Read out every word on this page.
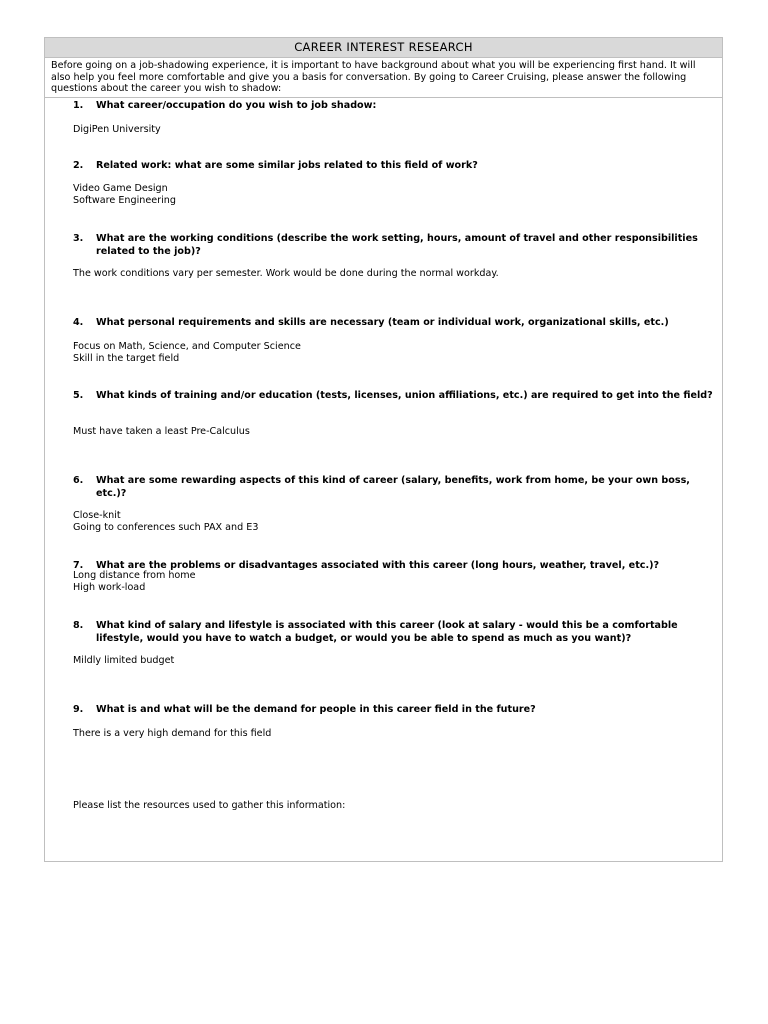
CAREER INTEREST RESEARCH
Before going on a job-shadowing experience, it is important to have background about what you will be experiencing first hand. It will also help you feel more comfortable and give you a basis for conversation. By going to Career Cruising, please answer the following questions about the career you wish to shadow:
1.	What career/occupation do you wish to job shadow:
DigiPen University
2.	Related work: what are some similar jobs related to this field of work?
Video Game Design
Software Engineering
3.	What are the working conditions (describe the work setting, hours, amount of travel and other responsibilities related to the job)?
The work conditions vary per semester. Work would be done during the normal workday.
4.	What personal requirements and skills are necessary (team or individual work, organizational skills, etc.)
Focus on Math, Science, and Computer Science
Skill in the target field
5.	What kinds of training and/or education (tests, licenses, union affiliations, etc.) are required to get into the field?
Must have taken a least Pre-Calculus
6.	What are some rewarding aspects of this kind of career (salary, benefits, work from home, be your own boss, etc.)?
Close-knit
Going to conferences such PAX and E3
7.	What are the problems or disadvantages associated with this career (long hours, weather, travel, etc.)?
Long distance from home
High work-load
8.	What kind of salary and lifestyle is associated with this career (look at salary - would this be a comfortable lifestyle, would you have to watch a budget, or would you be able to spend as much as you want)?
Mildly limited budget
9.	What is and what will be the demand for people in this career field in the future?
There is a very high demand for this field
Please list the resources used to gather this information:
